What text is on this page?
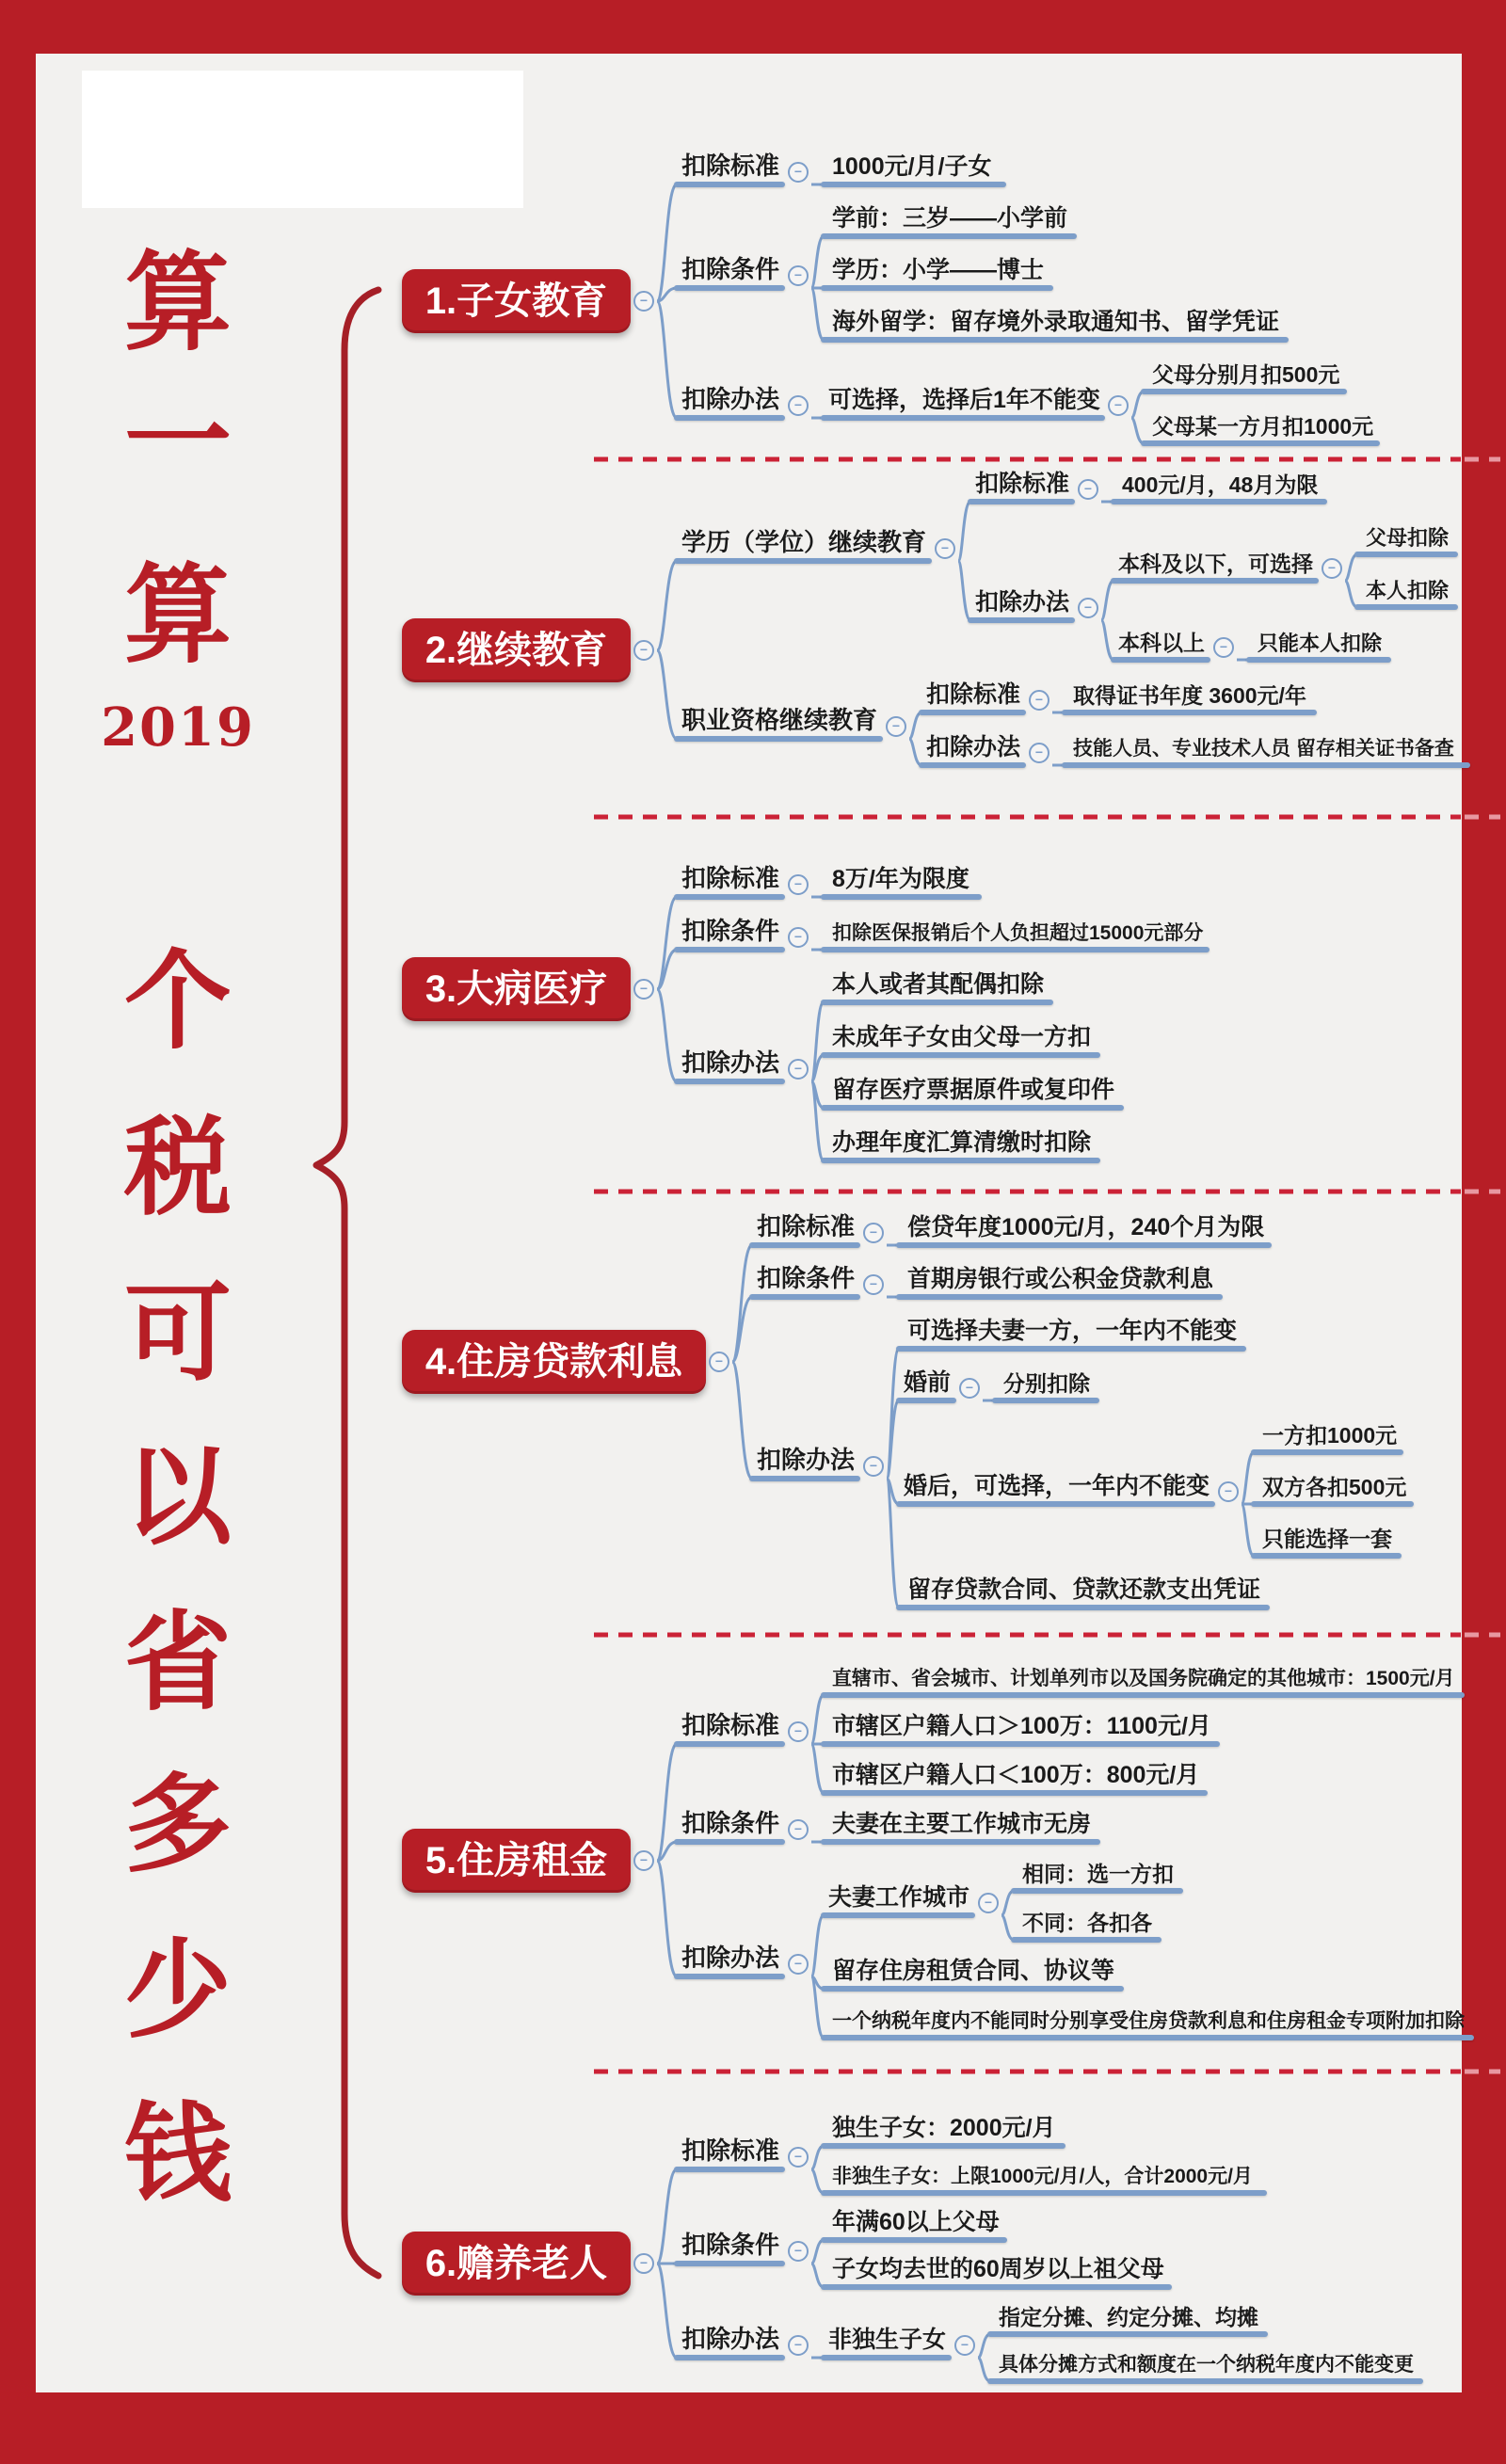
1.子女教育	−
扣除标准	− 1000元/月/子女
扣除条件	−
学前：三岁——小学前
学历：小学——博士
海外留学：留存境外录取通知书、留学凭证
扣除办法	− 可选择，选择后1年不能变	−
父母分别月扣500元
父母某一方月扣1000元
2.继续教育	−
学历（学位）继续教育	−
扣除标准	−	400元/月，48月为限
扣除办法	−
本科及以下，可选择	−
父母扣除
本人扣除
本科以上	−	只能本人扣除
职业资格继续教育	−
扣除标准	−	取得证书年度 3600元/年
扣除办法	−	技能人员、专业技术人员 留存相关证书备查
3.大病医疗	−
扣除标准	− 8万/年为限度
扣除条件	−	扣除医保报销后个人负担超过15000元部分
扣除办法	−
本人或者其配偶扣除
未成年子女由父母一方扣
留存医疗票据原件或复印件
办理年度汇算清缴时扣除
4.住房贷款利息	−
扣除标准	− 偿贷年度1000元/月，240个月为限
扣除条件	− 首期房银行或公积金贷款利息
扣除办法	−
可选择夫妻一方，一年内不能变
婚前	−	分别扣除
婚后，可选择，一年内不能变	−
一方扣1000元
双方各扣500元
只能选择一套
留存贷款合同、贷款还款支出凭证
5.住房租金	−
扣除标准	−
直辖市、省会城市、计划单列市以及国务院确定的其他城市：1500元/月
市辖区户籍人口＞100万：1100元/月
市辖区户籍人口＜100万：800元/月
扣除条件	− 夫妻在主要工作城市无房
扣除办法	−
夫妻工作城市	−
相同：选一方扣
不同：各扣各
留存住房租赁合同、协议等
一个纳税年度内不能同时分别享受住房贷款利息和住房租金专项附加扣除
6.赡养老人	−
扣除标准	−
独生子女：2000元/月
非独生子女：上限1000元/月/人，合计2000元/月
扣除条件	−
年满60以上父母
子女均去世的60周岁以上祖父母
扣除办法	− 非独生子女	−
指定分摊、约定分摊、均摊
具体分摊方式和额度在一个纳税年度内不能变更
算
一
算
2019
个
税
可
以
省
多
少
钱
